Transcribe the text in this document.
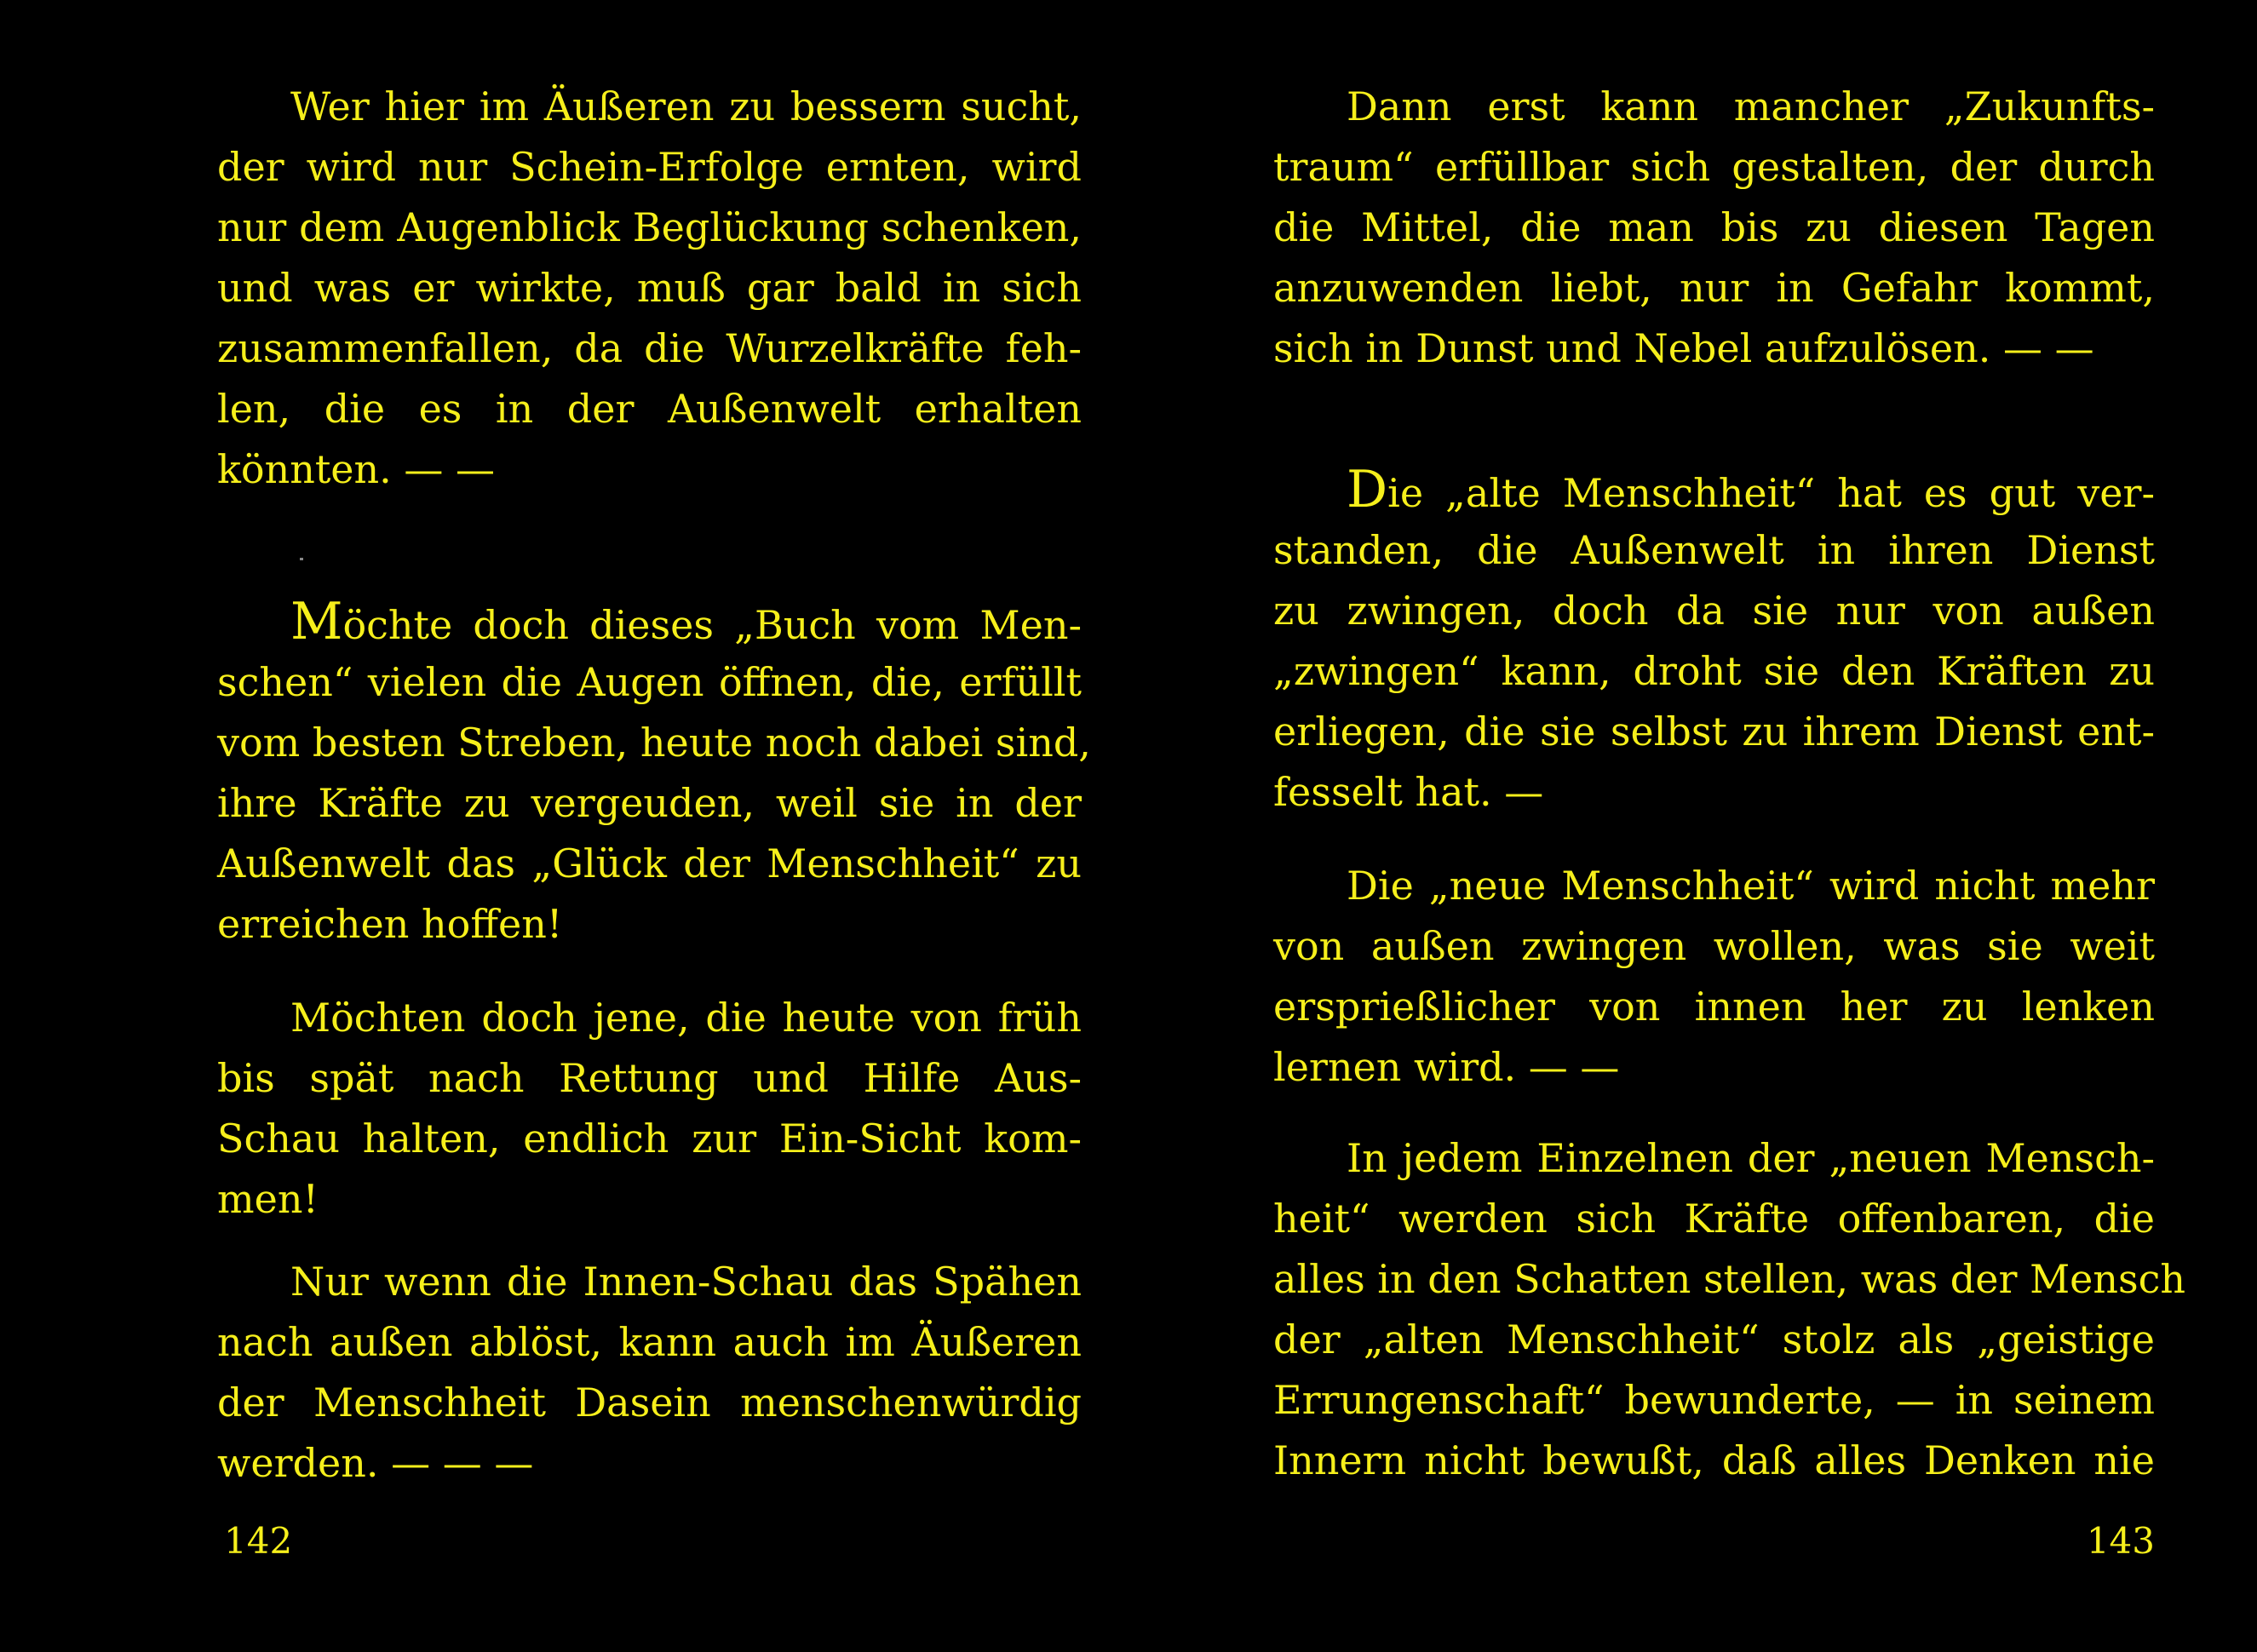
Wer hier im Äußeren zu bessern sucht,
der wird nur Schein-Erfolge ernten, wird
nur dem Augenblick Beglückung schenken,
und was er wirkte, muß gar bald in sich
zusammenfallen, da die Wurzelkräfte feh-
len, die es in der Außenwelt erhalten
könnten. — —
Möchte doch dieses „Buch vom Men-
schen“ vielen die Augen öffnen, die, erfüllt
vom besten Streben, heute noch dabei sind,
ihre Kräfte zu vergeuden, weil sie in der
Außenwelt das „Glück der Menschheit“ zu
erreichen hoffen!
Möchten doch jene, die heute von früh
bis spät nach Rettung und Hilfe Aus-
Schau halten, endlich zur Ein-Sicht kom-
men!
Nur wenn die Innen-Schau das Spähen
nach außen ablöst, kann auch im Äußeren
der Menschheit Dasein menschenwürdig
werden. — — —
142
Dann erst kann mancher „Zukunfts-
traum“ erfüllbar sich gestalten, der durch
die Mittel, die man bis zu diesen Tagen
anzuwenden liebt, nur in Gefahr kommt,
sich in Dunst und Nebel aufzulösen. — —
Die „alte Menschheit“ hat es gut ver-
standen, die Außenwelt in ihren Dienst
zu zwingen, doch da sie nur von außen
„zwingen“ kann, droht sie den Kräften zu
erliegen, die sie selbst zu ihrem Dienst ent-
fesselt hat. —
Die „neue Menschheit“ wird nicht mehr
von außen zwingen wollen, was sie weit
ersprießlicher von innen her zu lenken
lernen wird. — —
In jedem Einzelnen der „neuen Mensch-
heit“ werden sich Kräfte offenbaren, die
alles in den Schatten stellen, was der Mensch
der „alten Menschheit“ stolz als „geistige
Errungenschaft“ bewunderte, — in seinem
Innern nicht bewußt, daß alles Denken nie
143
